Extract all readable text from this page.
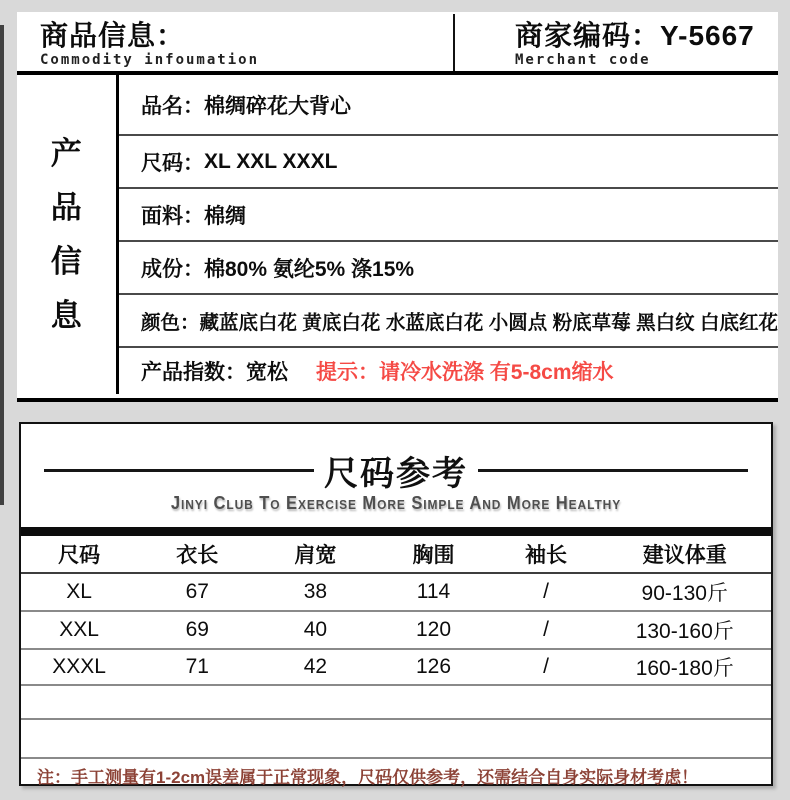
商品信息：
Commodity infoumation
商家编码：Y-5667
Merchant code
产
品
信
息
品名： 棉绸碎花大背心
尺码： XL XXL XXXL
面料： 棉绸
成份： 棉80% 氨纶5% 涤15%
颜色： 藏蓝底白花 黄底白花 水蓝底白花 小圆点 粉底草莓 黑白纹 白底红花
产品指数： 宽松 提示：请冷水洗涤 有5-8cm缩水
尺码参考
Jinyi Club To Exercise More Simple And More Healthy
尺码	衣长	肩宽	胸围	袖长	建议体重
XL	67	38	114	/	90-130斤
XXL	69	40	120	/	130-160斤
XXXL	71	42	126	/	160-180斤
注：手工测量有1-2cm误差属于正常现象，尺码仅供参考，还需结合自身实际身材考虑！
